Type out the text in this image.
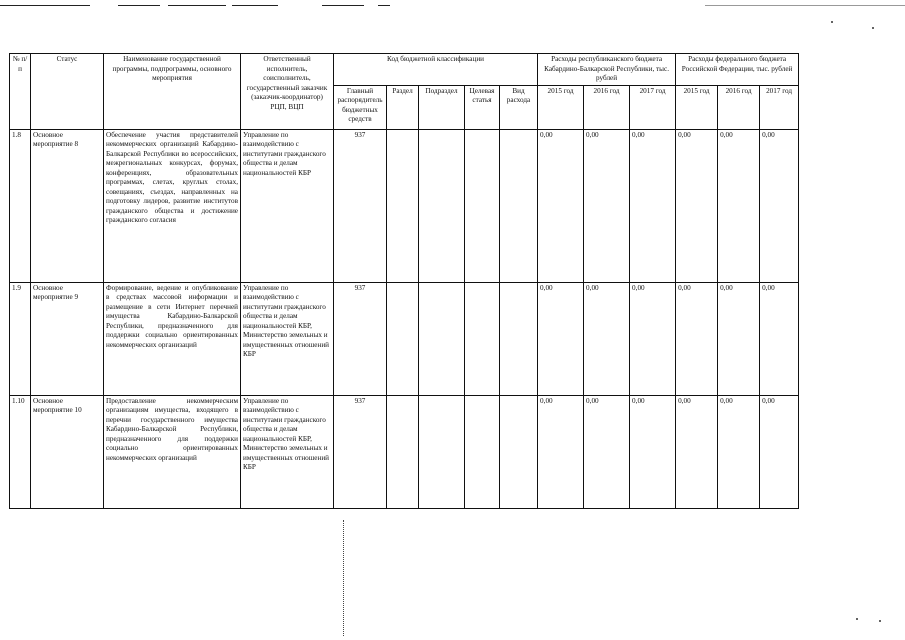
№ п/п	Статус	Наименование государственной программы, подпрограммы, основного мероприятия	Ответственный исполнитель, соисполнитель, государственный заказчик (заказчик-координатор) РЦП, ВЦП	Код бюджетной классификации					Расходы республиканского бюджета Кабардино-Балкарской Республики, тыс. рублей			Расходы федерального бюджета Российской Федерации, тыс. рублей		
				Главный распорядитель бюджетных средств	Раздел	Подраздел	Целевая статья	Вид расхода	2015 год	2016 год	2017 год	2015 год	2016 год	2017 год
1.8	Основное мероприятие 8	Обеспечение участия представителей некоммерческих организаций Кабардино-Балкарской Республики во всероссийских, межрегиональных конкурсах, форумах, конференциях, образовательных программах, слетах, круглых столах, совещаниях, съездах, направленных на подготовку лидеров, развитие институтов гражданского общества и достижение гражданского согласия	Управление по взаимодействию с институтами гражданского общества и делам национальностей КБР	937					0,00	0,00	0,00	0,00	0,00	0,00
1.9	Основное мероприятие 9	Формирование, ведение и опубликование в средствах массовой информации и размещение в сети Интернет перечней имущества Кабардино-Балкарской Республики, предназначенного для поддержки социально ориентированных некоммерческих организаций	Управление по взаимодействию с институтами гражданского общества и делам национальностей КБР, Министерство земельных и имущественных отношений КБР	937					0,00	0,00	0,00	0,00	0,00	0,00
1.10	Основное мероприятие 10	Предоставление некоммерческим организациям имущества, входящего в перечни государственного имущества Кабардино-Балкарской Республики, предназначенного для поддержки социально ориентированных некоммерческих организаций	Управление по взаимодействию с институтами гражданского общества и делам национальностей КБР, Министерство земельных и имущественных отношений КБР	937					0,00	0,00	0,00	0,00	0,00	0,00
